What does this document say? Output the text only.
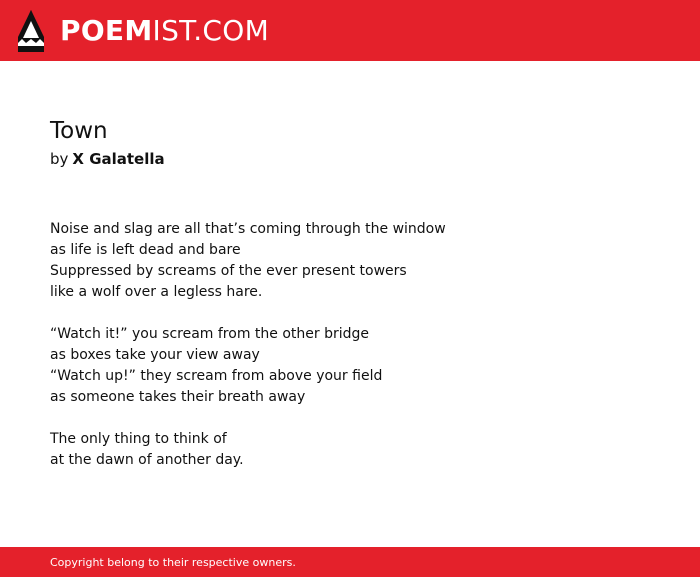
POEMIST.COM
Town
by X Galatella
Noise and slag are all that’s coming through the window
as life is left dead and bare
Suppressed by screams of the ever present towers
like a wolf over a legless hare.
“Watch it!” you scream from the other bridge
as boxes take your view away
“Watch up!” they scream from above your field
as someone takes their breath away
The only thing to think of
at the dawn of another day.
Copyright belong to their respective owners.
